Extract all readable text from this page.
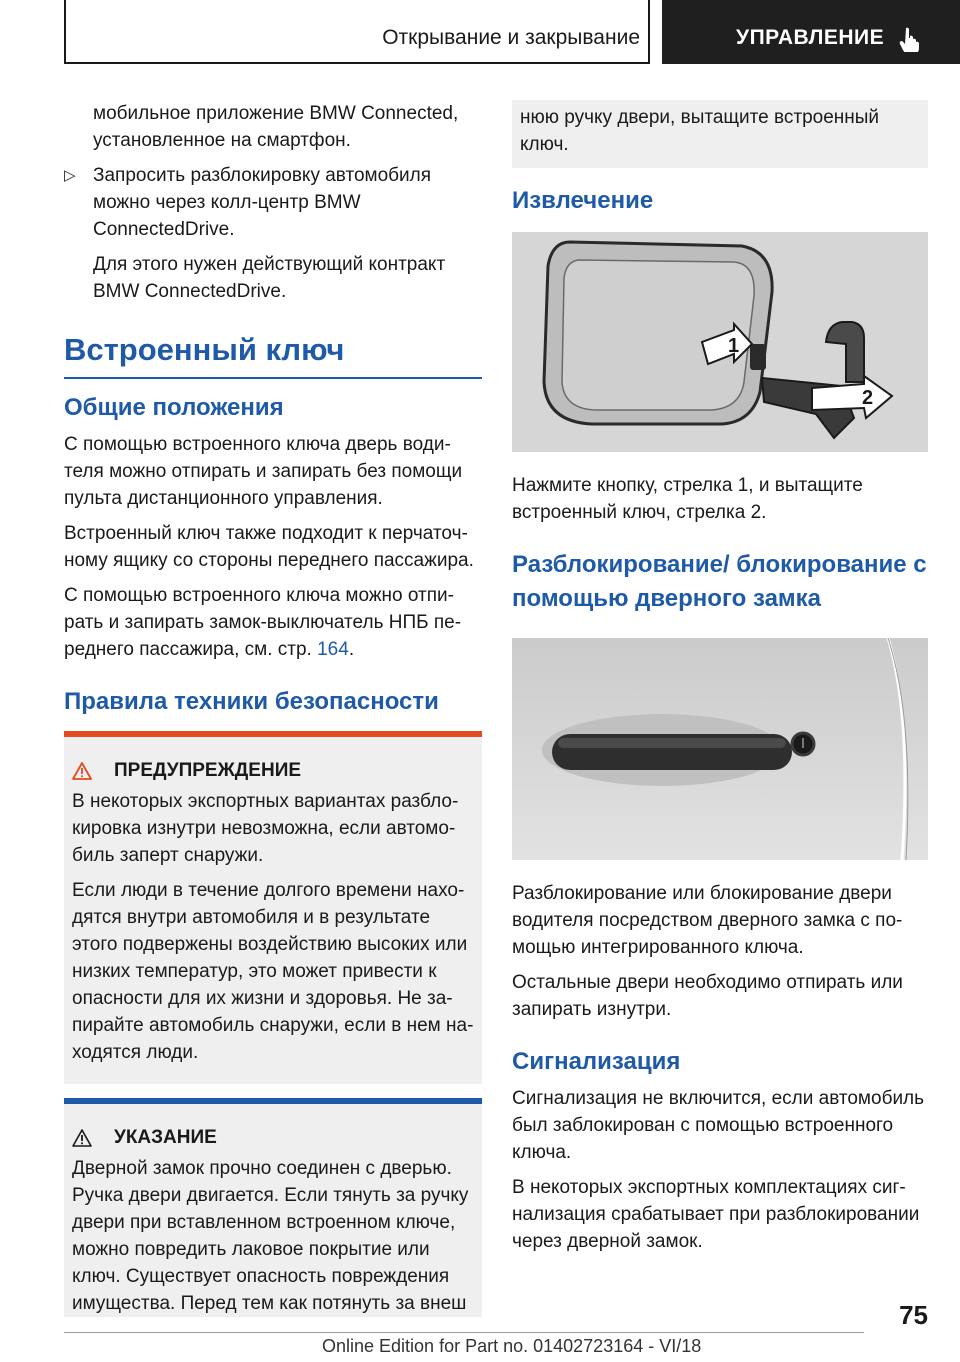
Открывание и закрывание	УПРАВЛЕНИЕ

мобильное приложение BMW Connected, установленное на смартфон.

▷ Запросить разблокировку автомобиля можно через колл-центр BMW ConnectedDrive.

Для этого нужен действующий контракт BMW ConnectedDrive.

Встроенный ключ
Общие положения

С помощью встроенного ключа дверь водителя можно отпирать и запирать без помощи пульта дистанционного управления.

Встроенный ключ также подходит к перчаточному ящику со стороны переднего пассажира.

С помощью встроенного ключа можно отпирать и запирать замок-выключатель НПБ переднего пассажира, см. стр. 164.

Правила техники безопасности
ПРЕДУПРЕЖДЕНИЕ

В некоторых экспортных вариантах разблокировка изнутри невозможна, если автомобиль заперт снаружи.

Если люди в течение долгого времени находятся внутри автомобиля и в результате этого подвержены воздействию высоких или низких температур, это может привести к опасности для их жизни и здоровья. Не запирайте автомобиль снаружи, если в нем находятся люди.

УКАЗАНИЕ

Дверной замок прочно соединен с дверью. Ручка двери двигается. Если тянуть за ручку двери при вставленном встроенном ключе, можно повредить лаковое покрытие или ключ. Существует опасность повреждения имущества. Перед тем как потянуть за внеш

нюю ручку двери, вытащите встроенный ключ.

Извлечение
1
2

Нажмите кнопку, стрелка 1, и вытащите встроенный ключ, стрелка 2.

Разблокирование/ блокирование с помощью дверного замка

Разблокирование или блокирование двери водителя посредством дверного замка с помощью интегрированного ключа.

Остальные двери необходимо отпирать или запирать изнутри.

Сигнализация

Сигнализация не включится, если автомобиль был заблокирован с помощью встроенного ключа.

В некоторых экспортных комплектациях сигнализация срабатывает при разблокировании через дверной замок.

75
Online Edition for Part no. 01402723164 - VI/18
